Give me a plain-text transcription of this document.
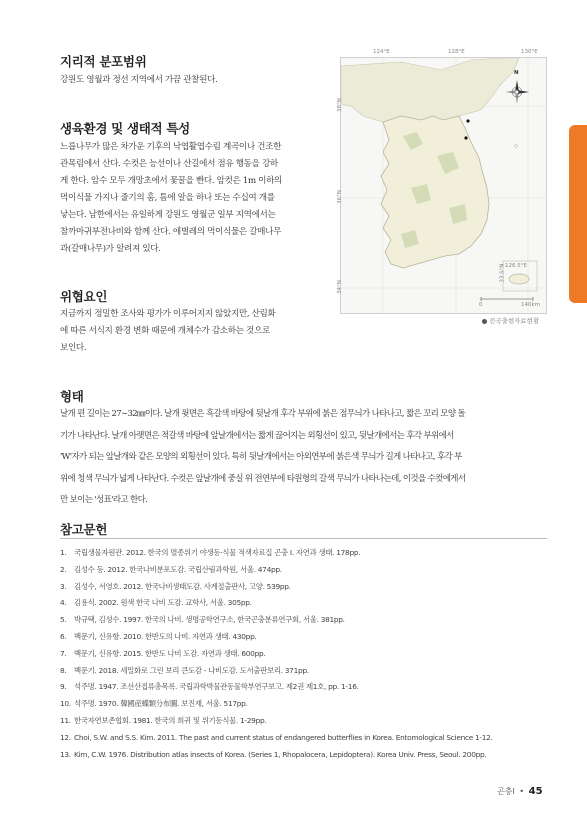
지리적 분포범위
강원도 영월과 정선 지역에서 가끔 관찰된다.
생육환경 및 생태적 특성

느릅나무가 많은 차가운 기후의 낙엽활엽수림 계곡이나 건조한

관목림에서 산다. 수컷은 능선이나 산길에서 점유 행동을 강하

게 한다. 암수 모두 개망초에서 꽃꿀을 빤다. 암컷은 1m 이하의

먹이식물 가지나 줄기의 홈, 틈에 알을 하나 또는 수십여 개를

낳는다. 남한에서는 유일하게 강원도 영월군 일부 지역에서는

참까마귀부전나비와 함께 산다. 애벌레의 먹이식물은 갈매나무

과(갈매나무)가 알려져 있다.

위협요인

지금까지 정밀한 조사와 평가가 이루어지지 않았지만, 산림화

에 따른 서식지 환경 변화 때문에 개체수가 감소하는 것으로

보인다.

124°E	128°E	130°E
38°N
36°N
34°N
126.5°E
33.5°N
N
0	140km
전국출현자료현황
형태

날개 편 길이는 27∼32㎜이다. 날개 윗면은 흑갈색 바탕에 뒷날개 후각 부위에 붉은 점무늬가 나타나고, 짧은 꼬리 모양 돌

기가 나타난다. 날개 아랫면은 적갈색 바탕에 앞날개에서는 짧게 끊어지는 외횡선이 있고, 뒷날개에서는 후각 부위에서

'W'자가 되는 앞날개와 같은 모양의 외횡선이 있다. 특히 뒷날개에서는 아외연부에 붉은색 무늬가 길게 나타나고, 후각 부

위에 청색 무늬가 넓게 나타난다. 수컷은 앞날개에 중실 위 전연부에 타원형의 갈색 무늬가 나타나는데, 이것을 수컷에게서

만 보이는 '성표'라고 한다.

참고문헌
1. 국립생물자원관. 2012. 한국의 멸종위기 야생동·식물 적색자료집 곤충 I. 자연과 생태. 178pp.
2. 김성수 등. 2012. 한국나비분포도감. 국립산림과학원, 서울. 474pp.
3. 김성수, 서영호. 2012. 한국나비생태도감. 사계절출판사, 고양. 539pp.
4. 김용식. 2002. 원색 한국 나비 도감. 교학사, 서울. 305pp.
5. 박규택, 김성수. 1997. 한국의 나비. 생명공학연구소, 한국곤충분류연구회, 서울. 381pp.
6. 백문기, 신유항. 2010. 한반도의 나비. 자연과 생태. 430pp.
7. 백문기, 신유항. 2015. 한반도 나비 도감. 자연과 생태. 600pp.
8. 백문기. 2018. 세밀화로 그린 보리 큰도감 - 나비도감. 도서출판보리. 371pp.
9. 석주명. 1947. 조선산접류총목록. 국립과학박물관동물학부연구보고. 제2권 제1호, pp. 1-16.
10. 석주명. 1970. 韓國産蝶類分布圖. 보진재, 서울. 517pp.
11. 한국자연보존협회. 1981. 한국의 희귀 및 위기동식물. 1-29pp.
12. Choi, S.W. and S.S. Kim. 2011. The past and current status of endangered butterflies in Korea. Entomological Science 1-12.
13. Kim, C.W. 1976. Distribution atlas insects of Korea. (Series 1, Rhopalocera, Lepidoptera). Korea Univ. Press, Seoul. 200pp.
곤충Ⅰ • 45
